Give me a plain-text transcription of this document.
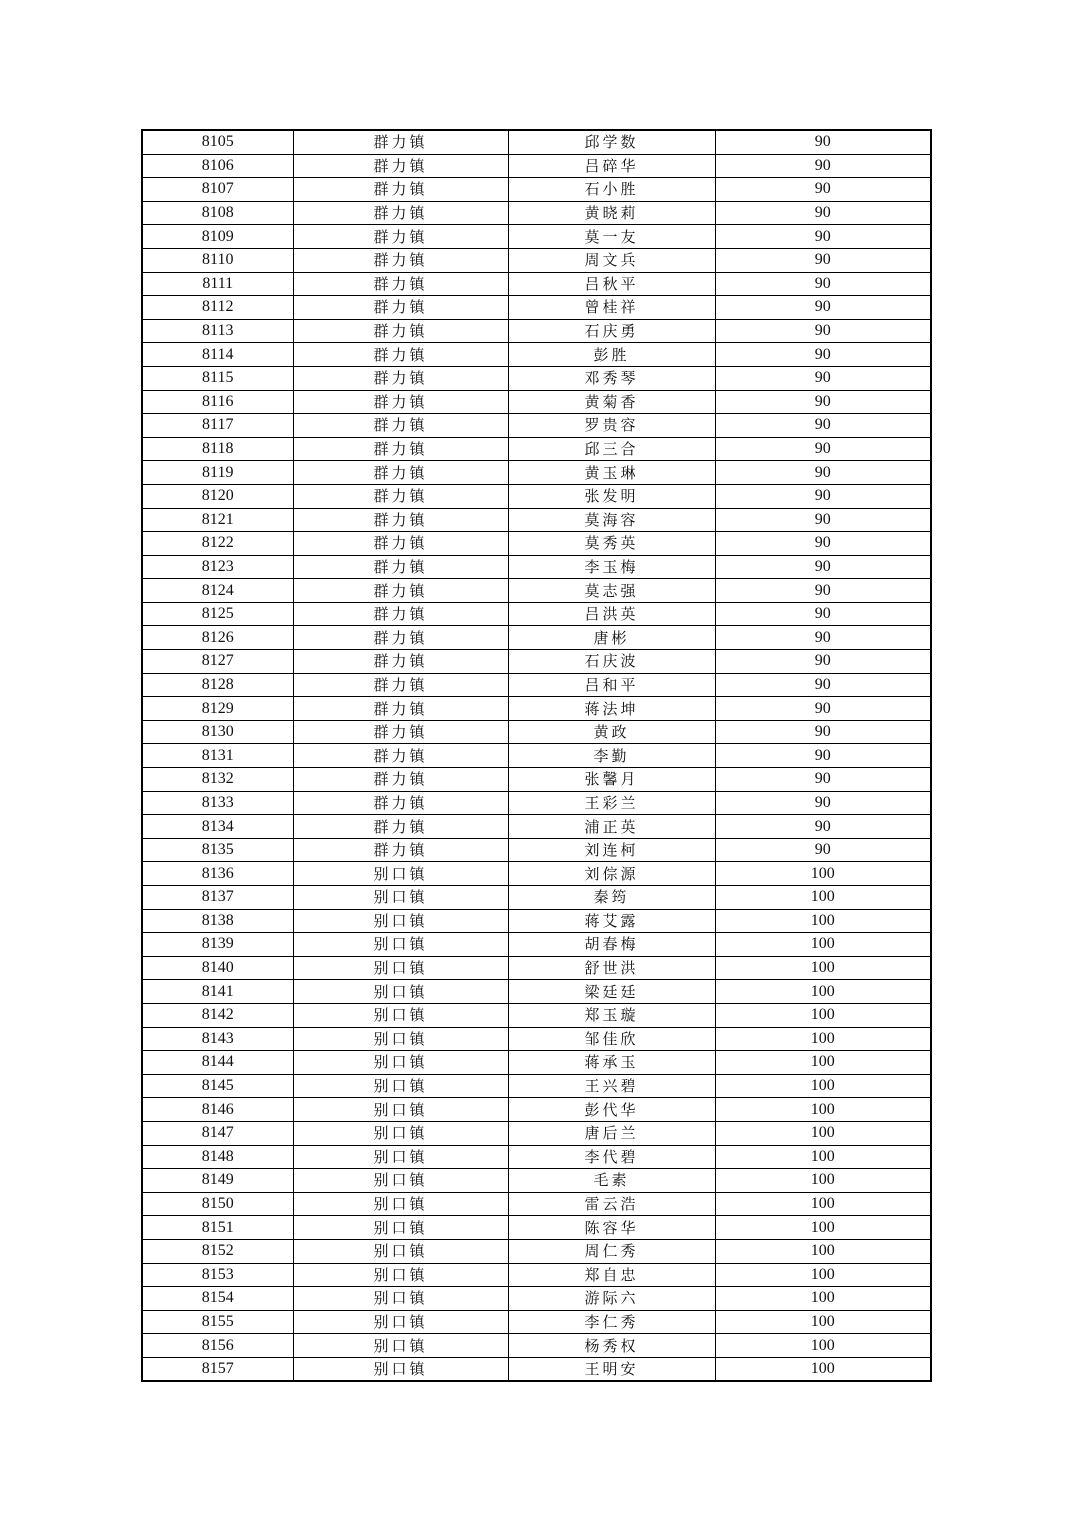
8105	群力镇	邱学数	90
8106	群力镇	吕碎华	90
8107	群力镇	石小胜	90
8108	群力镇	黄晓莉	90
8109	群力镇	莫一友	90
8110	群力镇	周文兵	90
8111	群力镇	吕秋平	90
8112	群力镇	曾桂祥	90
8113	群力镇	石庆勇	90
8114	群力镇	彭胜	90
8115	群力镇	邓秀琴	90
8116	群力镇	黄菊香	90
8117	群力镇	罗贵容	90
8118	群力镇	邱三合	90
8119	群力镇	黄玉琳	90
8120	群力镇	张发明	90
8121	群力镇	莫海容	90
8122	群力镇	莫秀英	90
8123	群力镇	李玉梅	90
8124	群力镇	莫志强	90
8125	群力镇	吕洪英	90
8126	群力镇	唐彬	90
8127	群力镇	石庆波	90
8128	群力镇	吕和平	90
8129	群力镇	蒋法坤	90
8130	群力镇	黄政	90
8131	群力镇	李勤	90
8132	群力镇	张馨月	90
8133	群力镇	王彩兰	90
8134	群力镇	浦正英	90
8135	群力镇	刘连柯	90
8136	别口镇	刘倧源	100
8137	别口镇	秦筠	100
8138	别口镇	蒋艾露	100
8139	别口镇	胡春梅	100
8140	别口镇	舒世洪	100
8141	别口镇	梁廷廷	100
8142	别口镇	郑玉璇	100
8143	别口镇	邹佳欣	100
8144	别口镇	蒋承玉	100
8145	别口镇	王兴碧	100
8146	别口镇	彭代华	100
8147	别口镇	唐后兰	100
8148	别口镇	李代碧	100
8149	别口镇	毛素	100
8150	别口镇	雷云浩	100
8151	别口镇	陈容华	100
8152	别口镇	周仁秀	100
8153	别口镇	郑自忠	100
8154	别口镇	游际六	100
8155	别口镇	李仁秀	100
8156	别口镇	杨秀权	100
8157	别口镇	王明安	100
